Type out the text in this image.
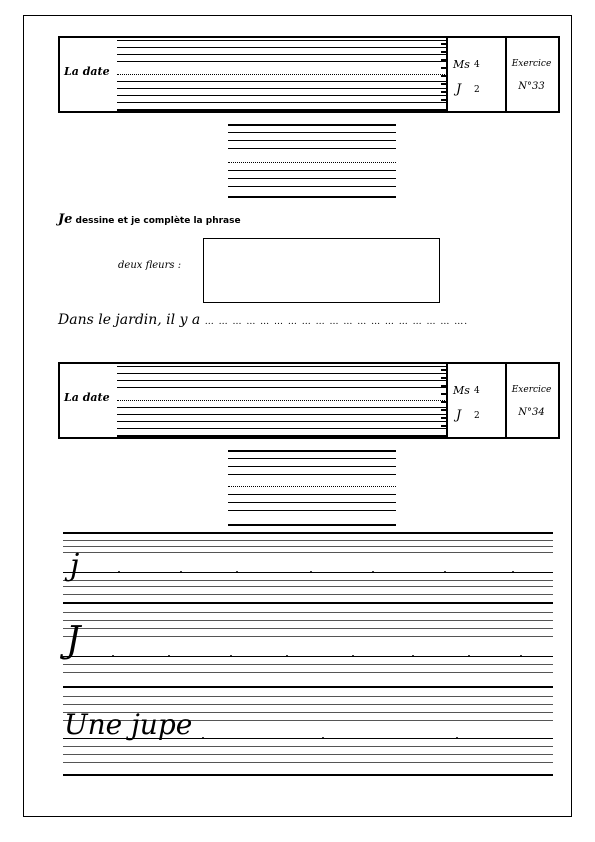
La date
Ms 4
J 2
Exercice
N°33
Je dessine et je complète la phrase
deux fleurs :
Dans le jardin, il y a … … … … … … … … … … … … … … … … … … ….
La date
Ms 4
J 2
Exercice
N°34
j
J
Une jupe
